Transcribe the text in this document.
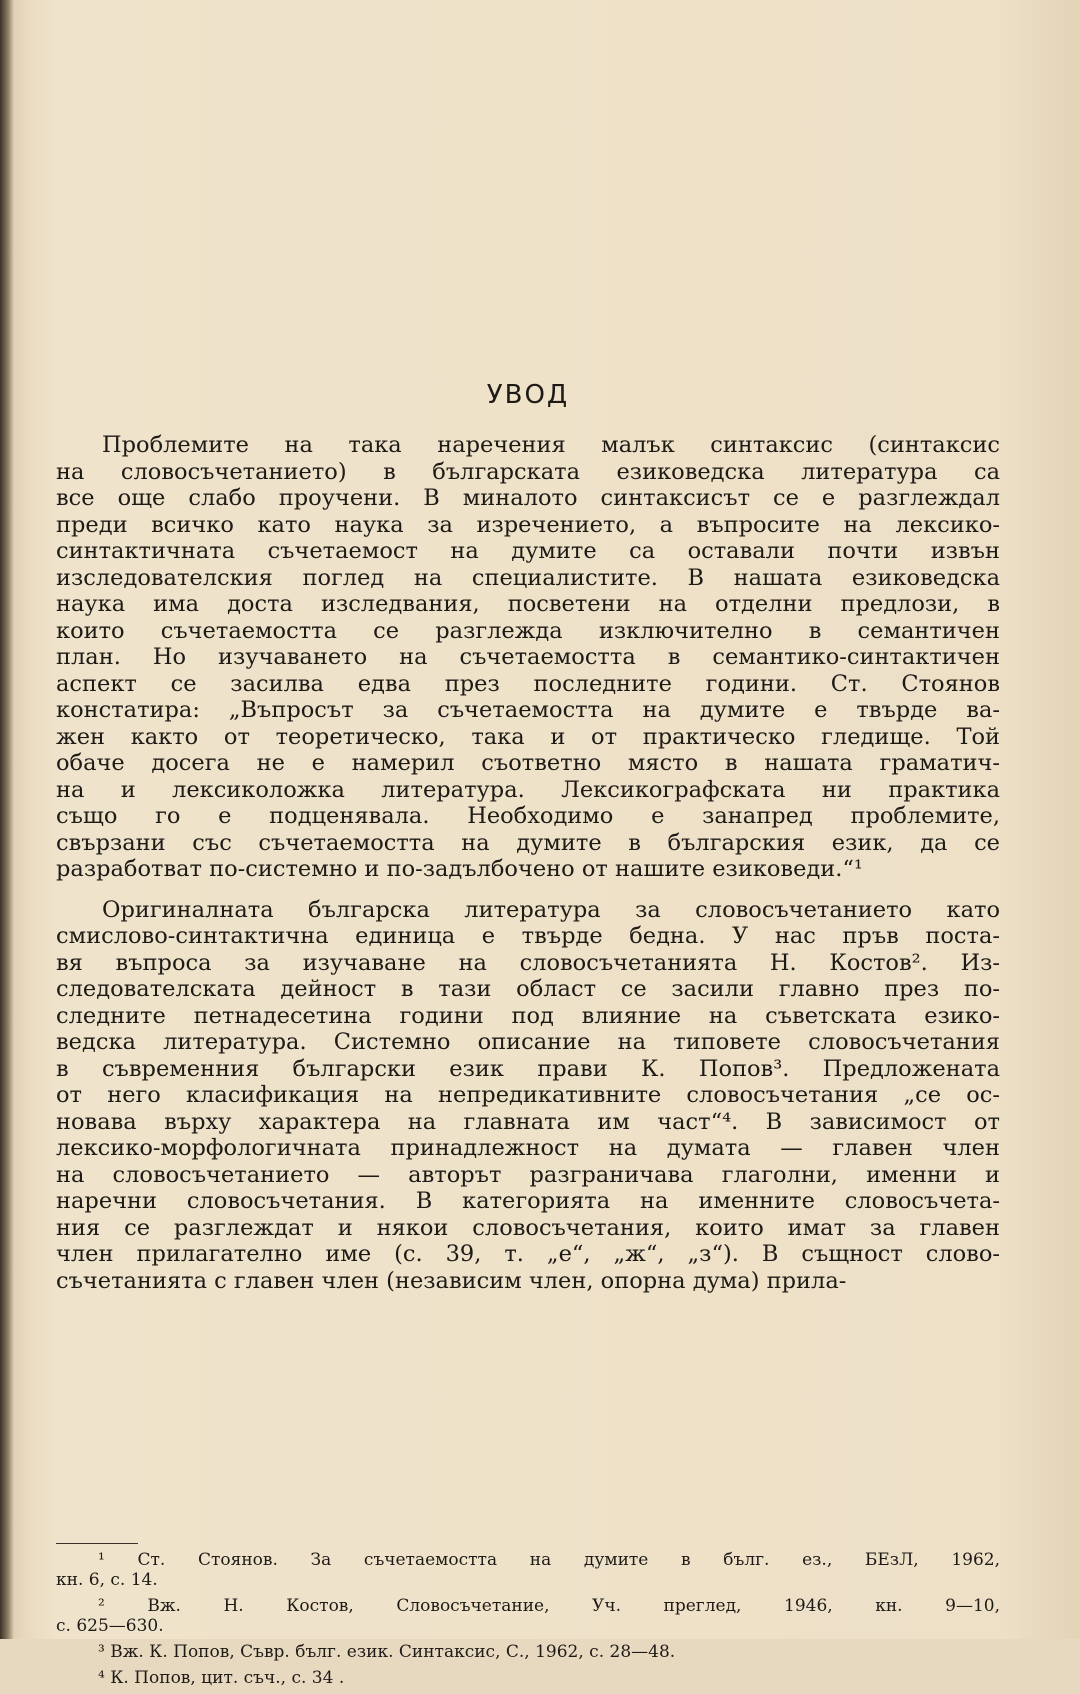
УВОД
Проблемите на така наречения малък синтаксис (синтаксис
на словосъчетанието) в българската езиковедска литература са
все още слабо проучени. В миналото синтаксисът се е разглеждал
преди всичко като наука за изречението, а въпросите на лексико-
синтактичната съчетаемост на думите са оставали почти извън
изследователския поглед на специалистите. В нашата езиковедска
наука има доста изследвания, посветени на отделни предлози, в
които съчетаемостта се разглежда изключително в семантичен
план. Но изучаването на съчетаемостта в семантико-синтактичен
аспект се засилва едва през последните години. Ст. Стоянов
констатира: „Въпросът за съчетаемостта на думите е твърде ва-
жен както от теоретическо, така и от практическо гледище. Той
обаче досега не е намерил съответно място в нашата граматич-
на и лексиколожка литература. Лексикографската ни практика
също го е подценявала. Необходимо е занапред проблемите,
свързани със съчетаемостта на думите в българския език, да се
разработват по-системно и по-задълбочено от нашите езиковеди.“¹
Оригиналната българска литература за словосъчетанието като
смислово-синтактична единица е твърде бедна. У нас пръв поста-
вя въпроса за изучаване на словосъчетанията Н. Костов². Из-
следователската дейност в тази област се засили главно през по-
следните петнадесетина години под влияние на съветската езико-
ведска литература. Системно описание на типовете словосъчетания
в съвременния български език прави К. Попов³. Предложената
от него класификация на непредикативните словосъчетания „се ос-
новава върху характера на главната им част“⁴. В зависимост от
лексико-морфологичната принадлежност на думата — главен член
на словосъчетанието — авторът разграничава глаголни, именни и
наречни словосъчетания. В категорията на именните словосъчета-
ния се разглеждат и някои словосъчетания, които имат за главен
член прилагателно име (с. 39, т. „е“, „ж“, „з“). В същност словo-
съчетанията с главен член (независим член, опорна дума) прила-
¹ Ст. Стоянов. За съчетаемостта на думите в бълг. ез., БЕзЛ, 1962,
кн. 6, с. 14.
² Вж. Н. Костов, Словосъчетание, Уч. преглед, 1946, кн. 9—10,
с. 625—630.
³ Вж. К. Попов, Съвр. бълг. език. Синтаксис, С., 1962, с. 28—48.
⁴ К. Попов, цит. съч., с. 34 .
